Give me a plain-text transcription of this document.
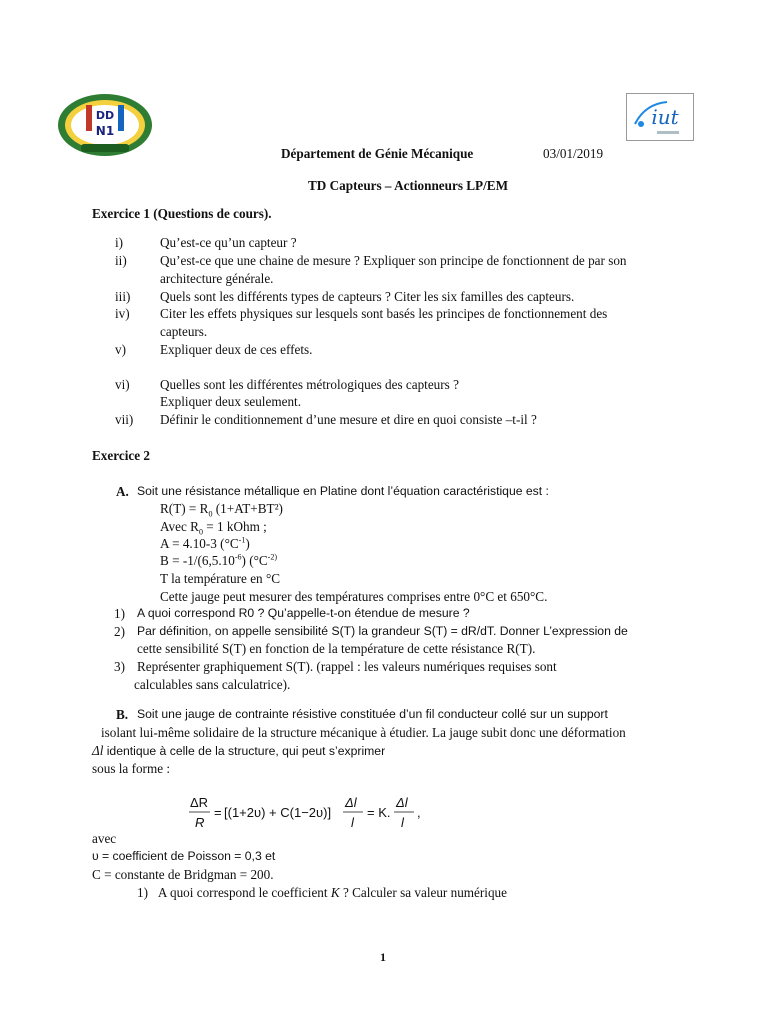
DD
N1
iut
Département de Génie Mécanique	03/01/2019
TD Capteurs – Actionneurs LP/EM
Exercice 1 (Questions de cours).
i)	Qu’est-ce qu’un capteur ?
ii)	Qu’est-ce que une chaine de mesure ? Expliquer son principe de fonctionnent de par son
architecture générale.
iii) Quels sont les différents types de capteurs ? Citer les six familles des capteurs.
iv) Citer les effets physiques sur lesquels sont basés les principes de fonctionnement des
capteurs.
v)	Expliquer deux de ces effets.
vi) Quelles sont les différentes métrologiques des capteurs ?
Expliquer deux seulement.
vii) Définir le conditionnement d’une mesure et dire en quoi consiste –t-il ?
Exercice 2
A. Soit une résistance métallique en Platine dont l’équation caractéristique est :
$R(T) = R_0$ (1+AT+BT²)
Avec $R_0 = 1$ kOhm ;
A = 4.10-3 $(^\circ C^{-1})$
$B = -1/(6,5.10^{-6})$ ($^\circ C^{-2)}$
T la température en °C
Cette jauge peut mesurer des températures comprises entre 0°C et 650°C.
1) A quoi correspond R0 ? Qu’appelle-t-on étendue de mesure ?
2) Par définition, on appelle sensibilité S(T) la grandeur S(T) = dR/dT. Donner L’expression de
cette sensibilité S(T) en fonction de la température de cette résistance R(T).
3) Représenter graphiquement S(T). (rappel : les valeurs numériques requises sont
calculables sans calculatrice).
B. Soit une jauge de contrainte résistive constituée d’un fil conducteur collé sur un support
isolant lui-même solidaire de la structure mécanique à étudier. La jauge subit donc une déformation
Δl identique à celle de la structure, qui peut s’exprimer
sous la forme :
ΔR
R
= [(1+2υ) + C(1−2υ)]
Δl
l
= K.
Δl
l
,
avec
υ = coefficient de Poisson = 0,3 et
C = constante de Bridgman = 200.
1) A quoi correspond le coefficient K ? Calculer sa valeur numérique
1
